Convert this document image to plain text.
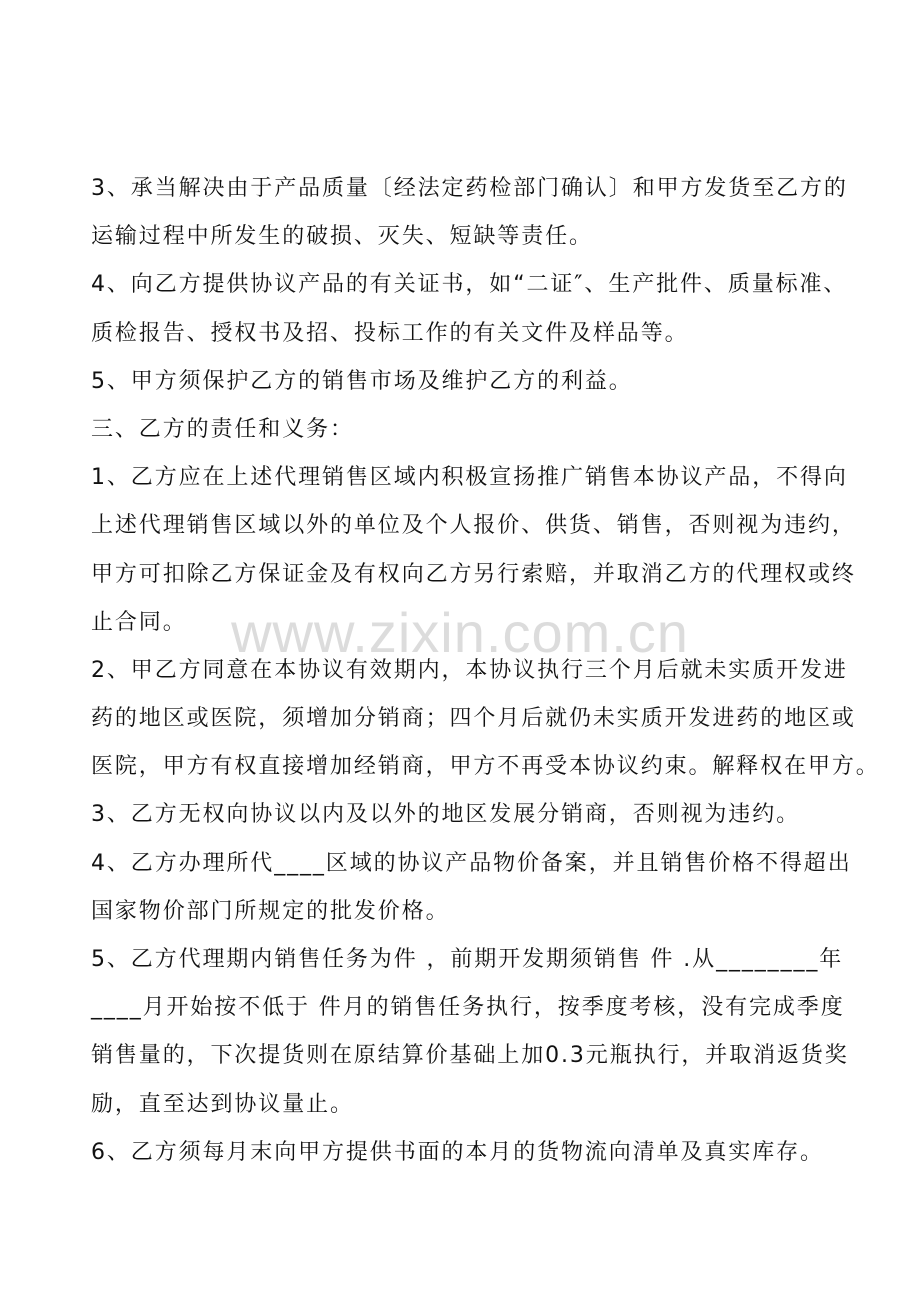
3、承当解决由于产品质量〔经法定药检部门确认〕和甲方发货至乙方的
运输过程中所发生的破损、灭失、短缺等责任。
4、向乙方提供协议产品的有关证书，如“二证″、生产批件、质量标准、
质检报告、授权书及招、投标工作的有关文件及样品等。
5、甲方须保护乙方的销售市场及维护乙方的利益。
三、乙方的责任和义务：
1、乙方应在上述代理销售区域内积极宣扬推广销售本协议产品，不得向
上述代理销售区域以外的单位及个人报价、供货、销售，否则视为违约，
甲方可扣除乙方保证金及有权向乙方另行索赔，并取消乙方的代理权或终
止合同。
2、甲乙方同意在本协议有效期内，本协议执行三个月后就未实质开发进
药的地区或医院，须增加分销商；四个月后就仍未实质开发进药的地区或
医院，甲方有权直接增加经销商，甲方不再受本协议约束。解释权在甲方。
3、乙方无权向协议以内及以外的地区发展分销商，否则视为违约。
4、乙方办理所代____区域的协议产品物价备案，并且销售价格不得超出
国家物价部门所规定的批发价格。
5、乙方代理期内销售任务为件 ，前期开发期须销售 件 .从________年
____月开始按不低于 件月的销售任务执行，按季度考核，没有完成季度
销售量的，下次提货则在原结算价基础上加0.3元瓶执行，并取消返货奖
励，直至达到协议量止。
6、乙方须每月末向甲方提供书面的本月的货物流向清单及真实库存。
www.zixin.com.cn
